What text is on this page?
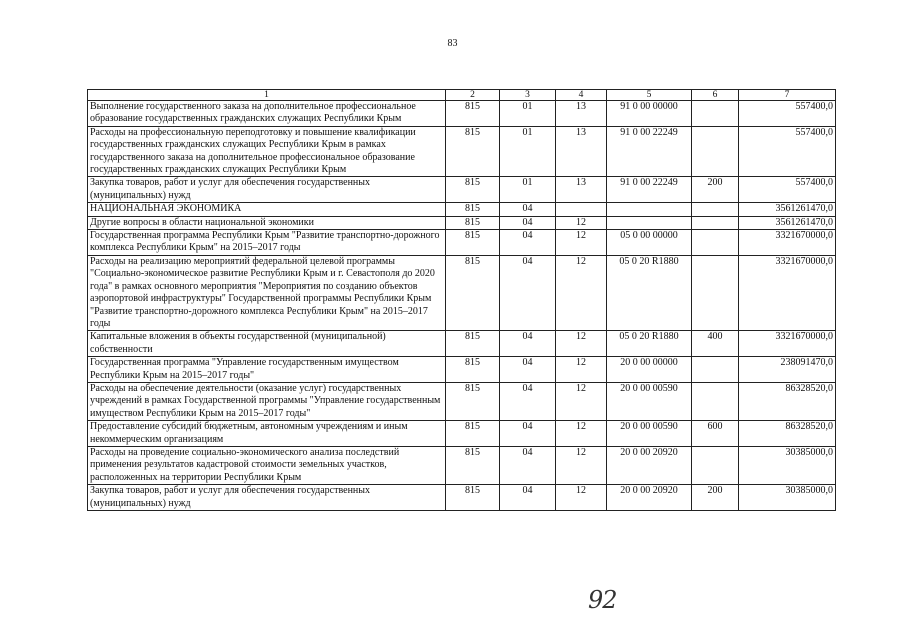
83
1	2	3	4	5	6	7
Выполнение государственного заказа на дополнительное профессиональное образование государственных гражданских служащих Республики Крым	815	01	13	91 0 00 00000		557400,0
Расходы на профессиональную переподготовку и повышение квалификации государственных гражданских служащих Республики Крым в рамках государственного заказа на дополнительное профессиональное образование государственных гражданских служащих Республики Крым	815	01	13	91 0 00 22249		557400,0
Закупка товаров, работ и услуг для обеспечения государственных (муниципальных) нужд	815	01	13	91 0 00 22249	200	557400,0
НАЦИОНАЛЬНАЯ ЭКОНОМИКА	815	04				3561261470,0
Другие вопросы в области национальной экономики	815	04	12			3561261470,0
Государственная программа Республики Крым "Развитие транспортно-дорожного комплекса Республики Крым" на 2015–2017 годы	815	04	12	05 0 00 00000		3321670000,0
Расходы на реализацию мероприятий федеральной целевой программы "Социально-экономическое развитие Республики Крым и г. Севастополя до 2020 года" в рамках основного мероприятия "Мероприятия по созданию объектов аэропортовой инфраструктуры" Государственной программы Республики Крым "Развитие транспортно-дорожного комплекса Республики Крым" на 2015–2017 годы	815	04	12	05 0 20 R1880		3321670000,0
Капитальные вложения в объекты государственной (муниципальной) собственности	815	04	12	05 0 20 R1880	400	3321670000,0
Государственная программа "Управление государственным имуществом Республики Крым на 2015–2017 годы"	815	04	12	20 0 00 00000		238091470,0
Расходы на обеспечение деятельности (оказание услуг) государственных учреждений в рамках Государственной программы "Управление государственным имуществом Республики Крым на 2015–2017 годы"	815	04	12	20 0 00 00590		86328520,0
Предоставление субсидий бюджетным, автономным учреждениям и иным некоммерческим организациям	815	04	12	20 0 00 00590	600	86328520,0
Расходы на проведение социально-экономического анализа последствий применения результатов кадастровой стоимости земельных участков, расположенных на территории Республики Крым	815	04	12	20 0 00 20920		30385000,0
Закупка товаров, работ и услуг для обеспечения государственных (муниципальных) нужд	815	04	12	20 0 00 20920	200	30385000,0
92
